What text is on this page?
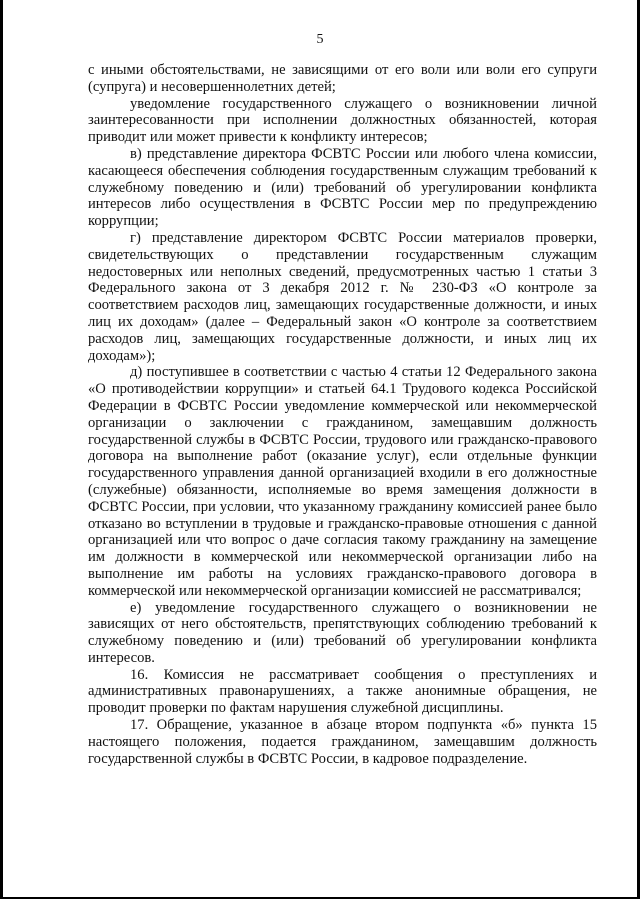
5

с иными обстоятельствами, не зависящими от его воли или воли его супруги (супруга) и несовершеннолетних детей;

уведомление государственного служащего о возникновении личной заинтересованности при исполнении должностных обязанностей, которая приводит или может привести к конфликту интересов;

в) представление директора ФСВТС России или любого члена комиссии, касающееся обеспечения соблюдения государственным служащим требований к служебному поведению и (или) требований об урегулировании конфликта интересов либо осуществления в ФСВТС России мер по предупреждению коррупции;

г) представление директором ФСВТС России материалов проверки, свидетельствующих о представлении государственным служащим недостоверных или неполных сведений, предусмотренных частью 1 статьи 3 Федерального закона от 3 декабря 2012 г. № 230-ФЗ «О контроле за соответствием расходов лиц, замещающих государственные должности, и иных лиц их доходам» (далее – Федеральный закон «О контроле за соответствием расходов лиц, замещающих государственные должности, и иных лиц их доходам»);

д) поступившее в соответствии с частью 4 статьи 12 Федерального закона «О противодействии коррупции» и статьей 64.1 Трудового кодекса Российской Федерации в ФСВТС России уведомление коммерческой или некоммерческой организации о заключении с гражданином, замещавшим должность государственной службы в ФСВТС России, трудового или гражданско-правового договора на выполнение работ (оказание услуг), если отдельные функции государственного управления данной организацией входили в его должностные (служебные) обязанности, исполняемые во время замещения должности в ФСВТС России, при условии, что указанному гражданину комиссией ранее было отказано во вступлении в трудовые и гражданско-правовые отношения с данной организацией или что вопрос о даче согласия такому гражданину на замещение им должности в коммерческой или некоммерческой организации либо на выполнение им работы на условиях гражданско-правового договора в коммерческой или некоммерческой организации комиссией не рассматривался;

е) уведомление государственного служащего о возникновении не зависящих от него обстоятельств, препятствующих соблюдению требований к служебному поведению и (или) требований об урегулировании конфликта интересов.

16. Комиссия не рассматривает сообщения о преступлениях и административных правонарушениях, а также анонимные обращения, не проводит проверки по фактам нарушения служебной дисциплины.

17. Обращение, указанное в абзаце втором подпункта «б» пункта 15 настоящего положения, подается гражданином, замещавшим должность государственной службы в ФСВТС России, в кадровое подразделение.
